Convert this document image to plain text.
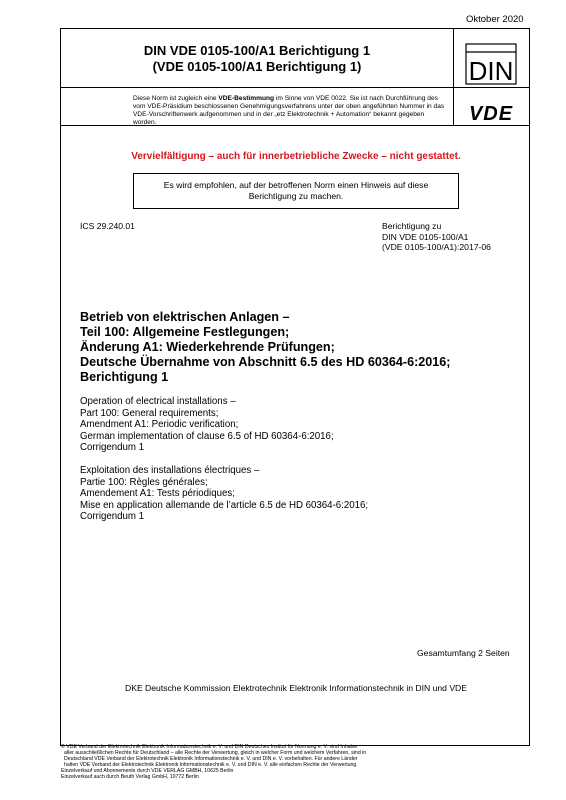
Oktober 2020
DIN VDE 0105-100/A1 Berichtigung 1
(VDE 0105-100/A1 Berichtigung 1)	DIN
Diese Norm ist zugleich eine VDE-Bestimmung im Sinne von VDE 0022. Sie ist nach Durchführung des vom VDE-Präsidium beschlossenen Genehmigungsverfahrens unter der oben angeführten Nummer in das VDE-Vorschriftenwerk aufgenommen und in der „etz Elektrotechnik + Automation“ bekannt gegeben worden.	VDE
Vervielfältigung – auch für innerbetriebliche Zwecke – nicht gestattet.
Es wird empfohlen, auf der betroffenen Norm einen Hinweis auf diese
Berichtigung zu machen.
ICS 29.240.01	Berichtigung zu
DIN VDE 0105-100/A1
(VDE 0105-100/A1):2017-06
Betrieb von elektrischen Anlagen –
Teil 100: Allgemeine Festlegungen;
Änderung A1: Wiederkehrende Prüfungen;
Deutsche Übernahme von Abschnitt 6.5 des HD 60364-6:2016;
Berichtigung 1
Operation of electrical installations –
Part 100: General requirements;
Amendment A1: Periodic verification;
German implementation of clause 6.5 of HD 60364-6:2016;
Corrigendum 1
Exploitation des installations électriques –
Partie 100: Règles générales;
Amendement A1: Tests périodiques;
Mise en application allemande de l’article 6.5 de HD 60364-6:2016;
Corrigendum 1
Gesamtumfang 2 Seiten
DKE Deutsche Kommission Elektrotechnik Elektronik Informationstechnik in DIN und VDE
© VDE Verband der Elektrotechnik Elektronik Informationstechnik e. V. und DIN Deutsches Institut für Normung e. V. sind Inhaber
aller ausschließlichen Rechte für Deutschland – alle Rechte der Verwertung, gleich in welcher Form und welchem Verfahren, sind in
Deutschland VDE Verband der Elektrotechnik Elektronik Informationstechnik e. V. und DIN e. V. vorbehalten. Für andere Länder
halten VDE Verband der Elektrotechnik Elektronik Informationstechnik e. V. und DIN e. V. alle einfachen Rechte der Verwertung
Einzelverkauf und Abonnements durch VDE VERLAG GMBH, 10625 Berlin
Einzelverkauf auch durch Beuth Verlag GmbH, 10772 Berlin
